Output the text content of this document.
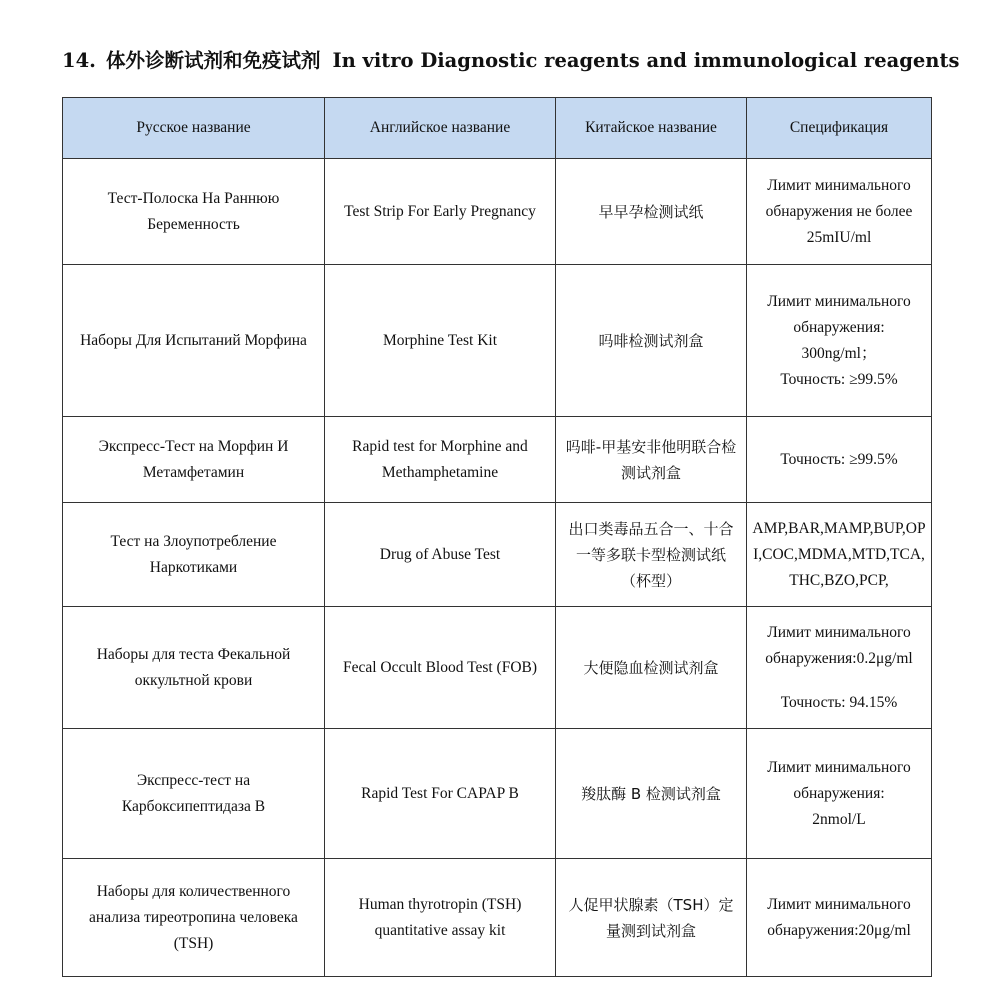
14. 体外诊断试剂和免疫试剂 In vitro Diagnostic reagents and immunological reagents
Русское название	Английское название	Китайское название	Спецификация
Тест-Полоска На Раннюю Беременность	Test Strip For Early Pregnancy	早早孕检测试纸	Лимит минимального обнаружения не более 25mIU/ml

Наборы Для Испытаний Морфина	Morphine Test Kit	吗啡检测试剂盒	Лимит минимального обнаружения:
300ng/ml；
Точность: ≥99.5%

Экспресс-Тест на Морфин И Метамфетамин	Rapid test for Morphine and Methamphetamine	吗啡-甲基安非他明联合检测试剂盒	Точность: ≥99.5%

Тест на Злоупотребление Наркотиками	Drug of Abuse Test	出口类毒品五合一、十合一等多联卡型检测试纸（杯型）	AMP,BAR,MAMP,BUP,OPI,COC,MDMA,MTD,TCA,THC,BZO,PCP,

Наборы для теста Фекальной оккультной крови	Fecal Occult Blood Test (FOB)	大便隐血检测试剂盒	Лимит минимального обнаружения:0.2μg/ml
Точность: 94.15%

Экспресс-тест на Карбоксипептидаза В	Rapid Test For CAPAP B	羧肽酶 B 检测试剂盒	Лимит минимального обнаружения:
2nmol/L

Наборы для количественного анализа тиреотропина человека (TSH)	Human thyrotropin (TSH) quantitative assay kit	人促甲状腺素（TSH）定量测到试剂盒	Лимит минимального обнаружения:20μg/ml
